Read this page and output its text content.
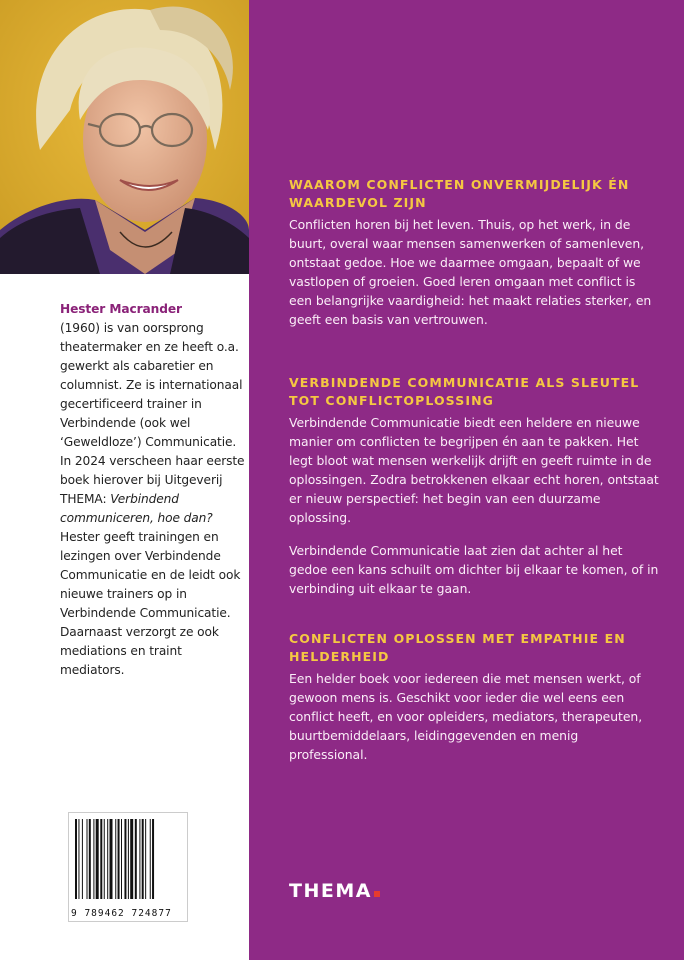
Hester Macrander
(1960) is van oorsprong theatermaker en ze heeft o.a. gewerkt als cabaretier en columnist. Ze is internationaal gecertificeerd trainer in Verbindende (ook wel ‘Geweldloze’) Communicatie. In 2024 verscheen haar eerste boek hierover bij Uitgeverij THEMA: Verbindend communiceren, hoe dan? Hester geeft trainingen en lezingen over Verbindende Communicatie en de leidt ook nieuwe trainers op in Verbindende Communicatie. Daarnaast verzorgt ze ook mediations en traint mediators.
9 789462 724877
WAAROM CONFLICTEN ONVERMIJDELIJK ÉN WAARDEVOL ZIJN

Conflicten horen bij het leven. Thuis, op het werk, in de buurt, overal waar mensen samenwerken of samenleven, ontstaat gedoe. Hoe we daarmee omgaan, bepaalt of we vastlopen of groeien. Goed leren omgaan met conflict is een belangrijke vaardigheid: het maakt relaties sterker, en geeft een basis van vertrouwen.

VERBINDENDE COMMUNICATIE ALS SLEUTEL TOT CONFLICTOPLOSSING

Verbindende Communicatie biedt een heldere en nieuwe manier om conflicten te begrijpen én aan te pakken. Het legt bloot wat mensen werkelijk drijft en geeft ruimte in de oplossingen. Zodra betrokkenen elkaar echt horen, ontstaat er nieuw perspectief: het begin van een duurzame oplossing.

Verbindende Communicatie laat zien dat achter al het gedoe een kans schuilt om dichter bij elkaar te komen, of in verbinding uit elkaar te gaan.

CONFLICTEN OPLOSSEN MET EMPATHIE EN HELDERHEID

Een helder boek voor iedereen die met mensen werkt, of gewoon mens is. Geschikt voor ieder die wel eens een conflict heeft, en voor opleiders, mediators, therapeuten, buurtbemiddelaars, leidinggevenden en menig professional.

THEMA
